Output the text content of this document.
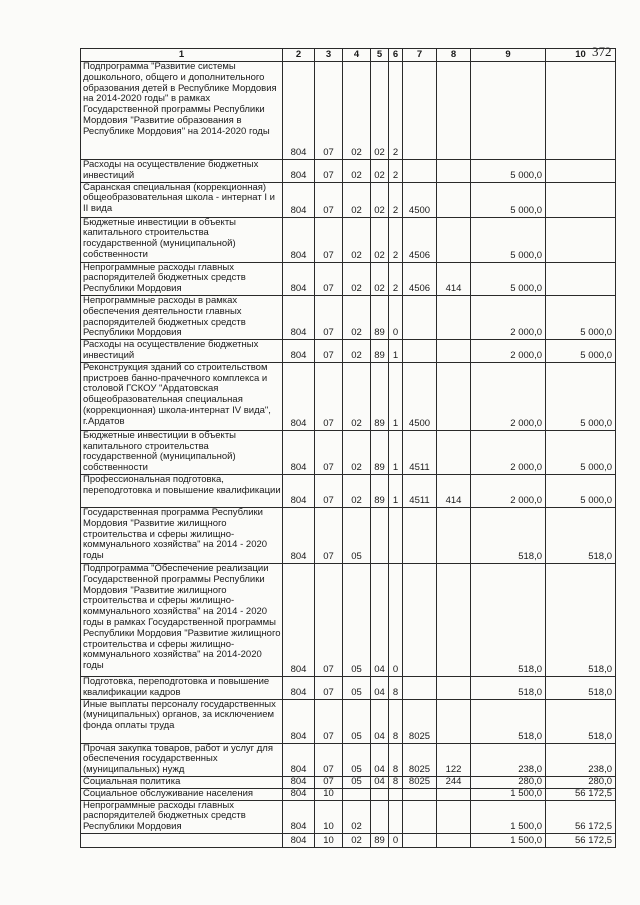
372
1	2	3	4	5	6	7	8	9	10
Подпрограмма "Развитие системы дошкольного, общего и дополнительного образования детей в Республике Мордовия на 2014-2020 годы" в рамках Государственной программы Республики Мордовия "Развитие образования в Республике Мордовия" на 2014-2020 годы	804	07	02	02	2				
Расходы на осуществление бюджетных инвестиций	804	07	02	02	2			5 000,0	
Саранская специальная (коррекционная) общеобразовательная школа - интернат I и II вида	804	07	02	02	2	4500		5 000,0	
Бюджетные инвестиции в объекты капитального строительства государственной (муниципальной) собственности	804	07	02	02	2	4506		5 000,0	
Непрограммные расходы главных распорядителей бюджетных средств Республики Мордовия	804	07	02	02	2	4506	414	5 000,0	
Непрограммные расходы в рамках обеспечения деятельности главных распорядителей бюджетных средств Республики Мордовия	804	07	02	89	0			2 000,0	5 000,0
Расходы на осуществление бюджетных инвестиций	804	07	02	89	1			2 000,0	5 000,0
Реконструкция зданий со строительством пристроев банно-прачечного комплекса и столовой ГСКОУ "Ардатовская общеобразовательная специальная (коррекционная) школа-интернат IV вида", г.Ардатов	804	07	02	89	1	4500		2 000,0	5 000,0
Бюджетные инвестиции в объекты капитального строительства государственной (муниципальной) собственности	804	07	02	89	1	4511		2 000,0	5 000,0
Профессиональная подготовка, переподготовка и повышение квалификации	804	07	02	89	1	4511	414	2 000,0	5 000,0
Государственная программа Республики Мордовия "Развитие жилищного строительства и сферы жилищно-коммунального хозяйства" на 2014 - 2020 годы	804	07	05					518,0	518,0
Подпрограмма "Обеспечение реализации Государственной программы Республики Мордовия "Развитие жилищного строительства и сферы жилищно-коммунального хозяйства" на 2014 - 2020 годы в рамках Государственной программы Республики Мордовия "Развитие жилищного строительства и сферы жилищно-коммунального хозяйства" на 2014-2020 годы	804	07	05	04	0			518,0	518,0
Подготовка, переподготовка и повышение квалификации кадров	804	07	05	04	8			518,0	518,0
Иные выплаты персоналу государственных (муниципальных) органов, за исключением фонда оплаты труда	804	07	05	04	8	8025		518,0	518,0
Прочая закупка товаров, работ и услуг для обеспечения государственных (муниципальных) нужд	804	07	05	04	8	8025	122	238,0	238,0
Социальная политика	804	07	05	04	8	8025	244	280,0	280,0
Социальное обслуживание населения	804	10						1 500,0	56 172,5
Непрограммные расходы главных распорядителей бюджетных средств Республики Мордовия	804	10	02					1 500,0	56 172,5
	804	10	02	89	0			1 500,0	56 172,5
